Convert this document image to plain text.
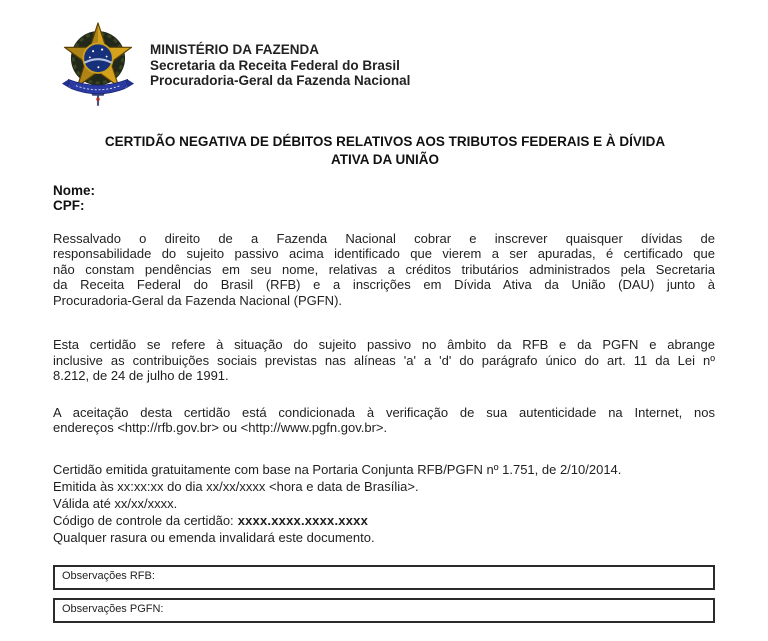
MINISTÉRIO DA FAZENDA
Secretaria da Receita Federal do Brasil
Procuradoria-Geral da Fazenda Nacional
CERTIDÃO NEGATIVA DE DÉBITOS RELATIVOS AOS TRIBUTOS FEDERAIS E À DÍVIDA
ATIVA DA UNIÃO
Nome:
CPF:
Ressalvado o direito de a Fazenda Nacional cobrar e inscrever quaisquer dívidas de
responsabilidade do sujeito passivo acima identificado que vierem a ser apuradas, é certificado que
não constam pendências em seu nome, relativas a créditos tributários administrados pela Secretaria
da Receita Federal do Brasil (RFB) e a inscrições em Dívida Ativa da União (DAU) junto à
Procuradoria-Geral da Fazenda Nacional (PGFN).
Esta certidão se refere à situação do sujeito passivo no âmbito da RFB e da PGFN e abrange
inclusive as contribuições sociais previstas nas alíneas 'a' a 'd' do parágrafo único do art. 11 da Lei nº
8.212, de 24 de julho de 1991.
A aceitação desta certidão está condicionada à verificação de sua autenticidade na Internet, nos
endereços <http://rfb.gov.br> ou <http://www.pgfn.gov.br>.
Certidão emitida gratuitamente com base na Portaria Conjunta RFB/PGFN nº 1.751, de 2/10/2014.
Emitida às xx:xx:xx do dia xx/xx/xxxx <hora e data de Brasília>.
Válida até xx/xx/xxxx.
Código de controle da certidão: xxxx.xxxx.xxxx.xxxx
Qualquer rasura ou emenda invalidará este documento.
Observações RFB:
Observações PGFN:
